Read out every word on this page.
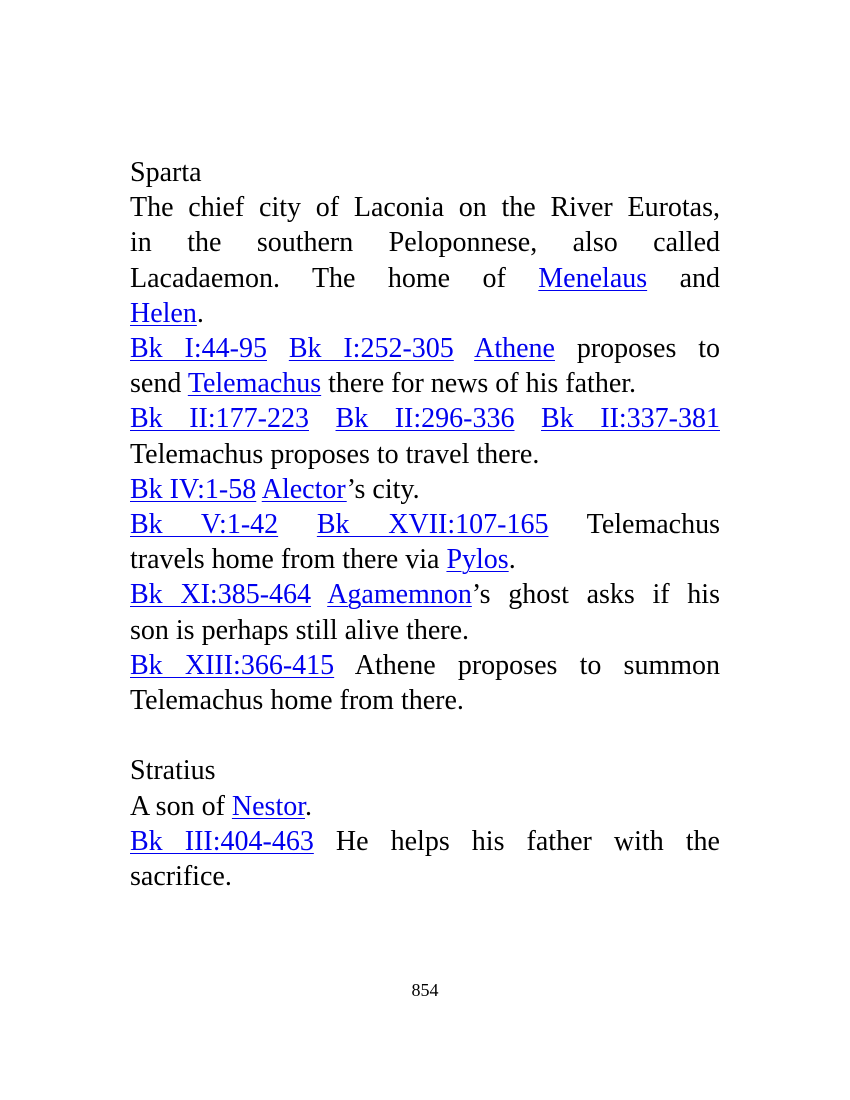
Sparta
The chief city of Laconia on the River Eurotas,
in the southern Peloponnese, also called
Lacadaemon. The home of Menelaus and
Helen.
Bk I:44-95 Bk I:252-305 Athene proposes to
send Telemachus there for news of his father.
Bk II:177-223 Bk II:296-336 Bk II:337-381
Telemachus proposes to travel there.
Bk IV:1-58 Alector’s city.
Bk V:1-42 Bk XVII:107-165 Telemachus
travels home from there via Pylos.
Bk XI:385-464 Agamemnon’s ghost asks if his
son is perhaps still alive there.
Bk XIII:366-415 Athene proposes to summon
Telemachus home from there.
Stratius
A son of Nestor.
Bk III:404-463 He helps his father with the
sacrifice.
854
